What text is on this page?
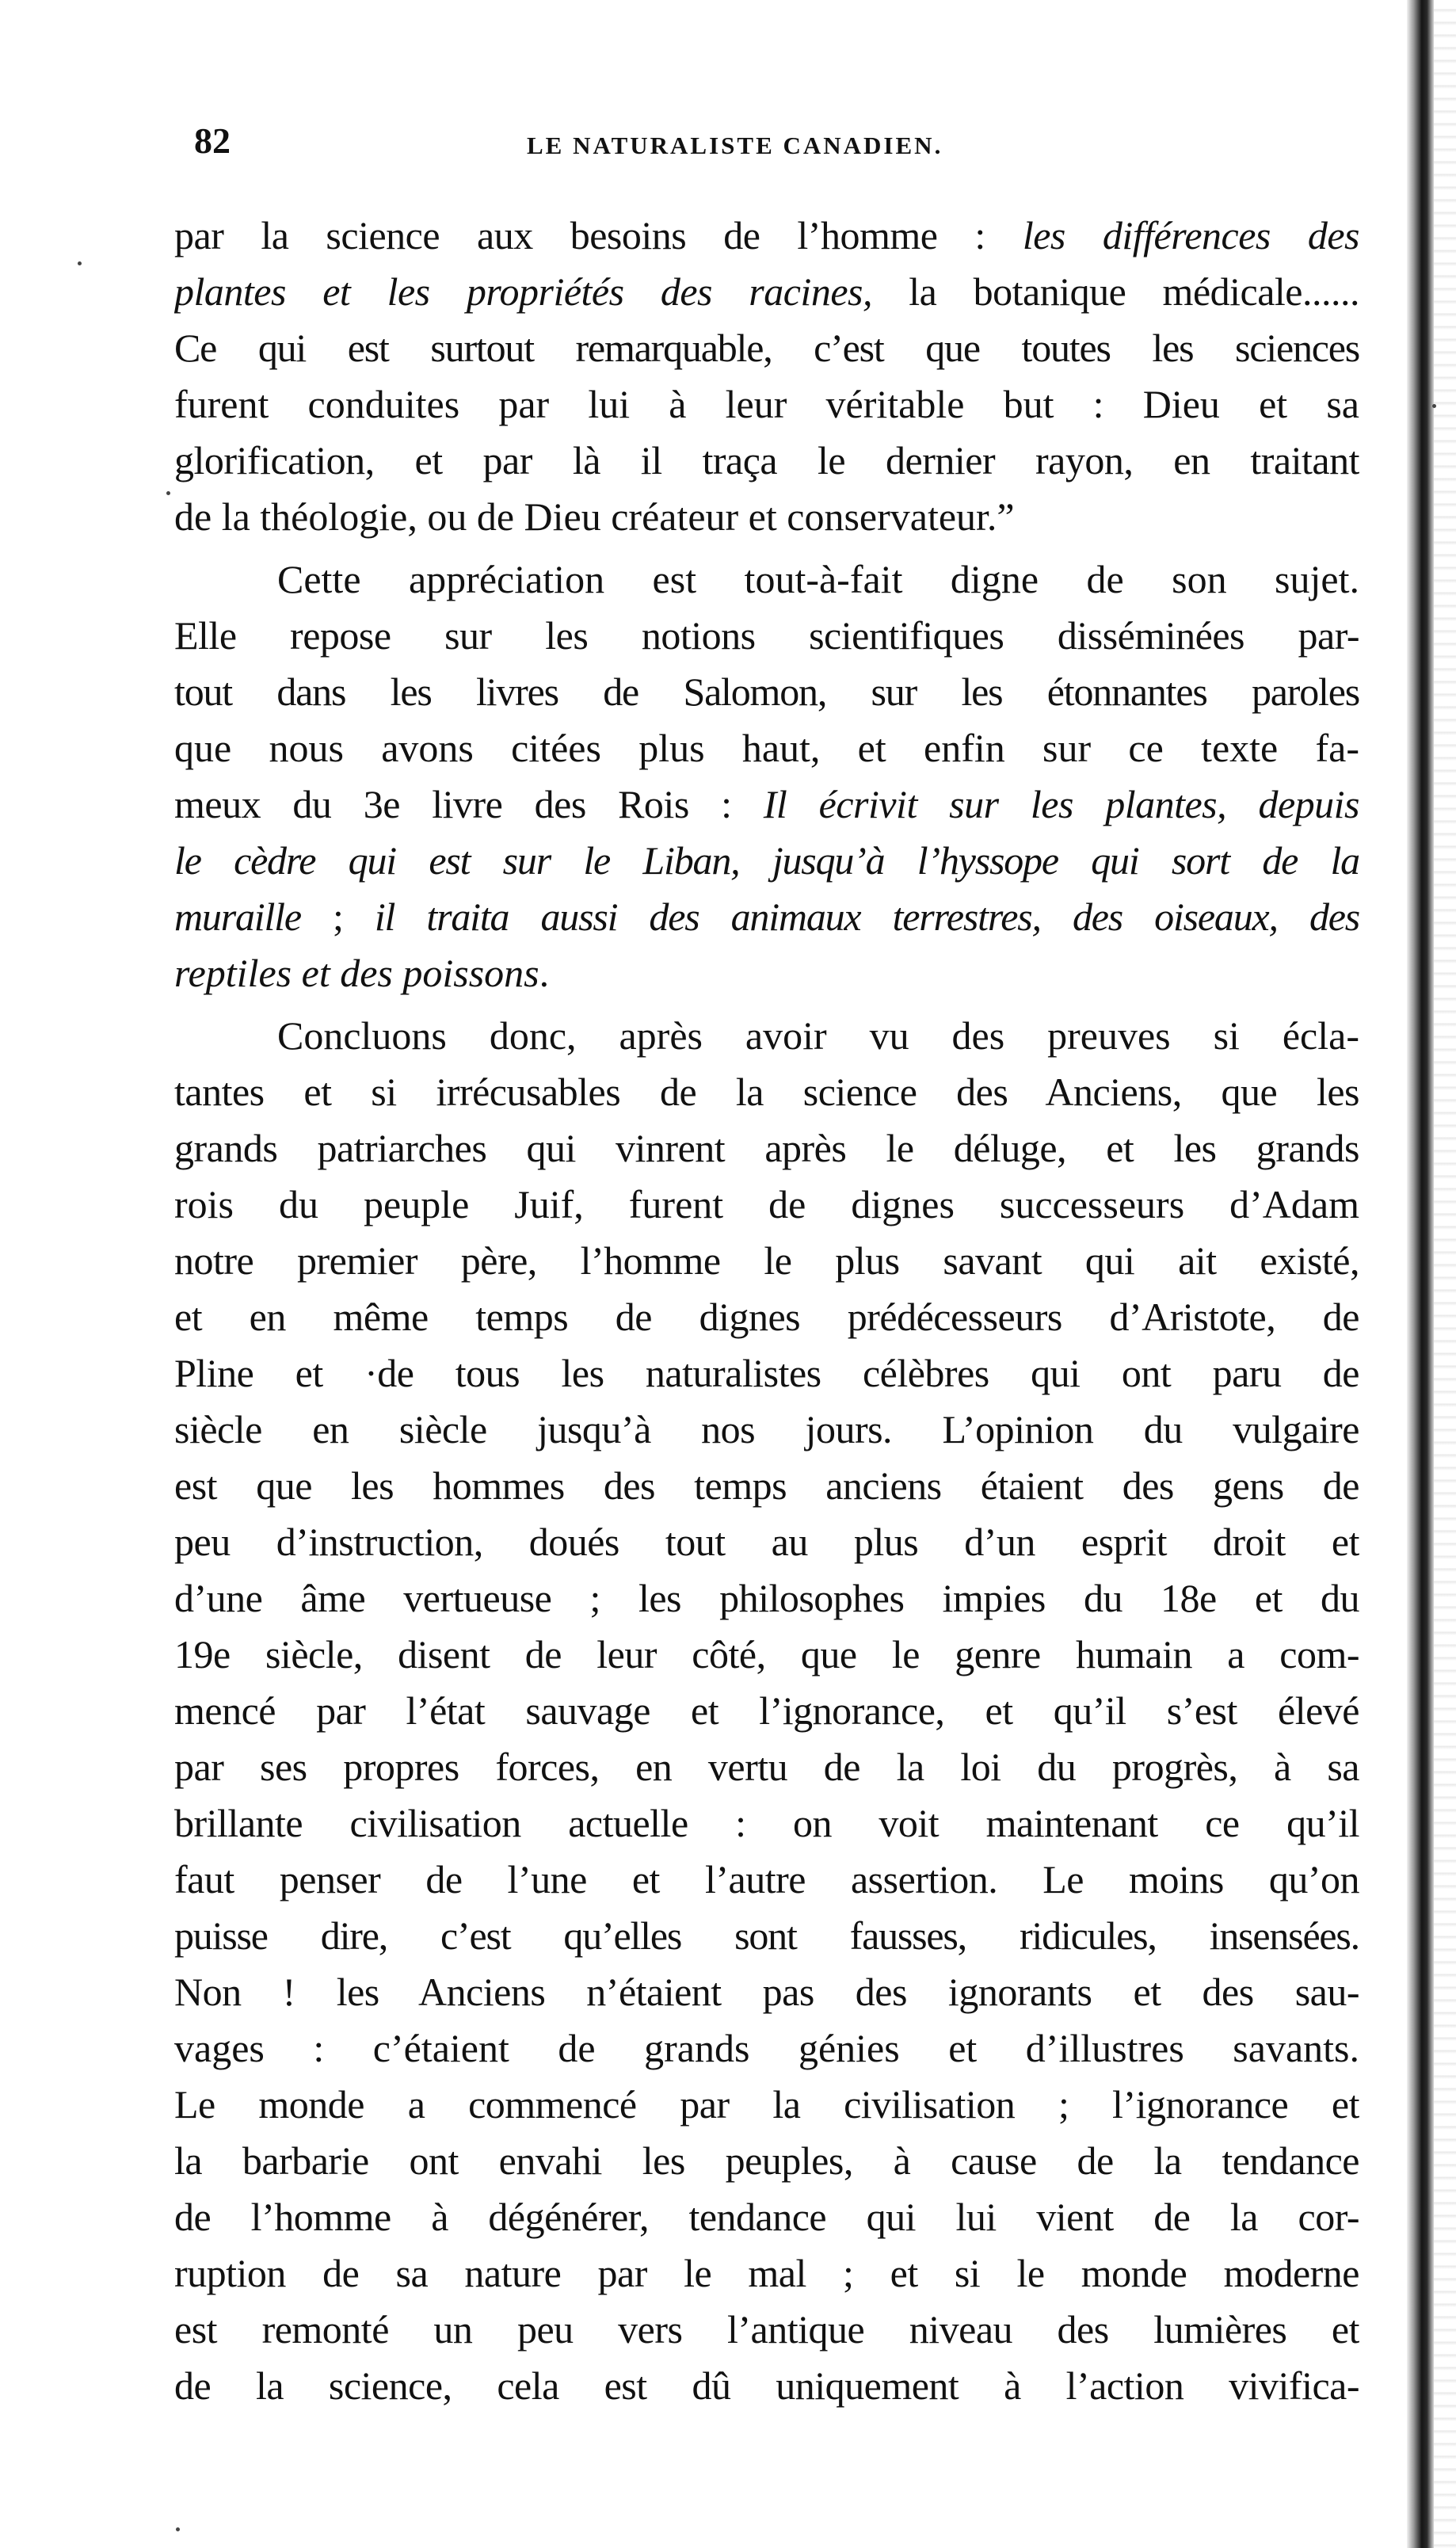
82	LE NATURALISTE CANADIEN.
par la science aux besoins de l’homme : les différences des
plantes et les propriétés des racines, la botanique médicale......
Ce qui est surtout remarquable, c’est que toutes les sciences
furent conduites par lui à leur véritable but : Dieu et sa
glorification, et par là il traça le dernier rayon, en traitant
de la théologie, ou de Dieu créateur et conservateur.”
Cette appréciation est tout-à-fait digne de son sujet.
Elle repose sur les notions scientifiques disséminées par-
tout dans les livres de Salomon, sur les étonnantes paroles
que nous avons citées plus haut, et enfin sur ce texte fa-
meux du 3e livre des Rois : Il écrivit sur les plantes, depuis
le cèdre qui est sur le Liban, jusqu’à l’hyssope qui sort de la
muraille ; il traita aussi des animaux terrestres, des oiseaux, des
reptiles et des poissons.
Concluons donc, après avoir vu des preuves si écla-
tantes et si irrécusables de la science des Anciens, que les
grands patriarches qui vinrent après le déluge, et les grands
rois du peuple Juif, furent de dignes successeurs d’Adam
notre premier père, l’homme le plus savant qui ait existé,
et en même temps de dignes prédécesseurs d’Aristote, de
Pline et ·de tous les naturalistes célèbres qui ont paru de
siècle en siècle jusqu’à nos jours. L’opinion du vulgaire
est que les hommes des temps anciens étaient des gens de
peu d’instruction, doués tout au plus d’un esprit droit et
d’une âme vertueuse ; les philosophes impies du 18e et du
19e siècle, disent de leur côté, que le genre humain a com-
mencé par l’état sauvage et l’ignorance, et qu’il s’est élevé
par ses propres forces, en vertu de la loi du progrès, à sa
brillante civilisation actuelle : on voit maintenant ce qu’il
faut penser de l’une et l’autre assertion. Le moins qu’on
puisse dire, c’est qu’elles sont fausses, ridicules, insensées.
Non ! les Anciens n’étaient pas des ignorants et des sau-
vages : c’étaient de grands génies et d’illustres savants.
Le monde a commencé par la civilisation ; l’ignorance et
la barbarie ont envahi les peuples, à cause de la tendance
de l’homme à dégénérer, tendance qui lui vient de la cor-
ruption de sa nature par le mal ; et si le monde moderne
est remonté un peu vers l’antique niveau des lumières et
de la science, cela est dû uniquement à l’action vivifica-
